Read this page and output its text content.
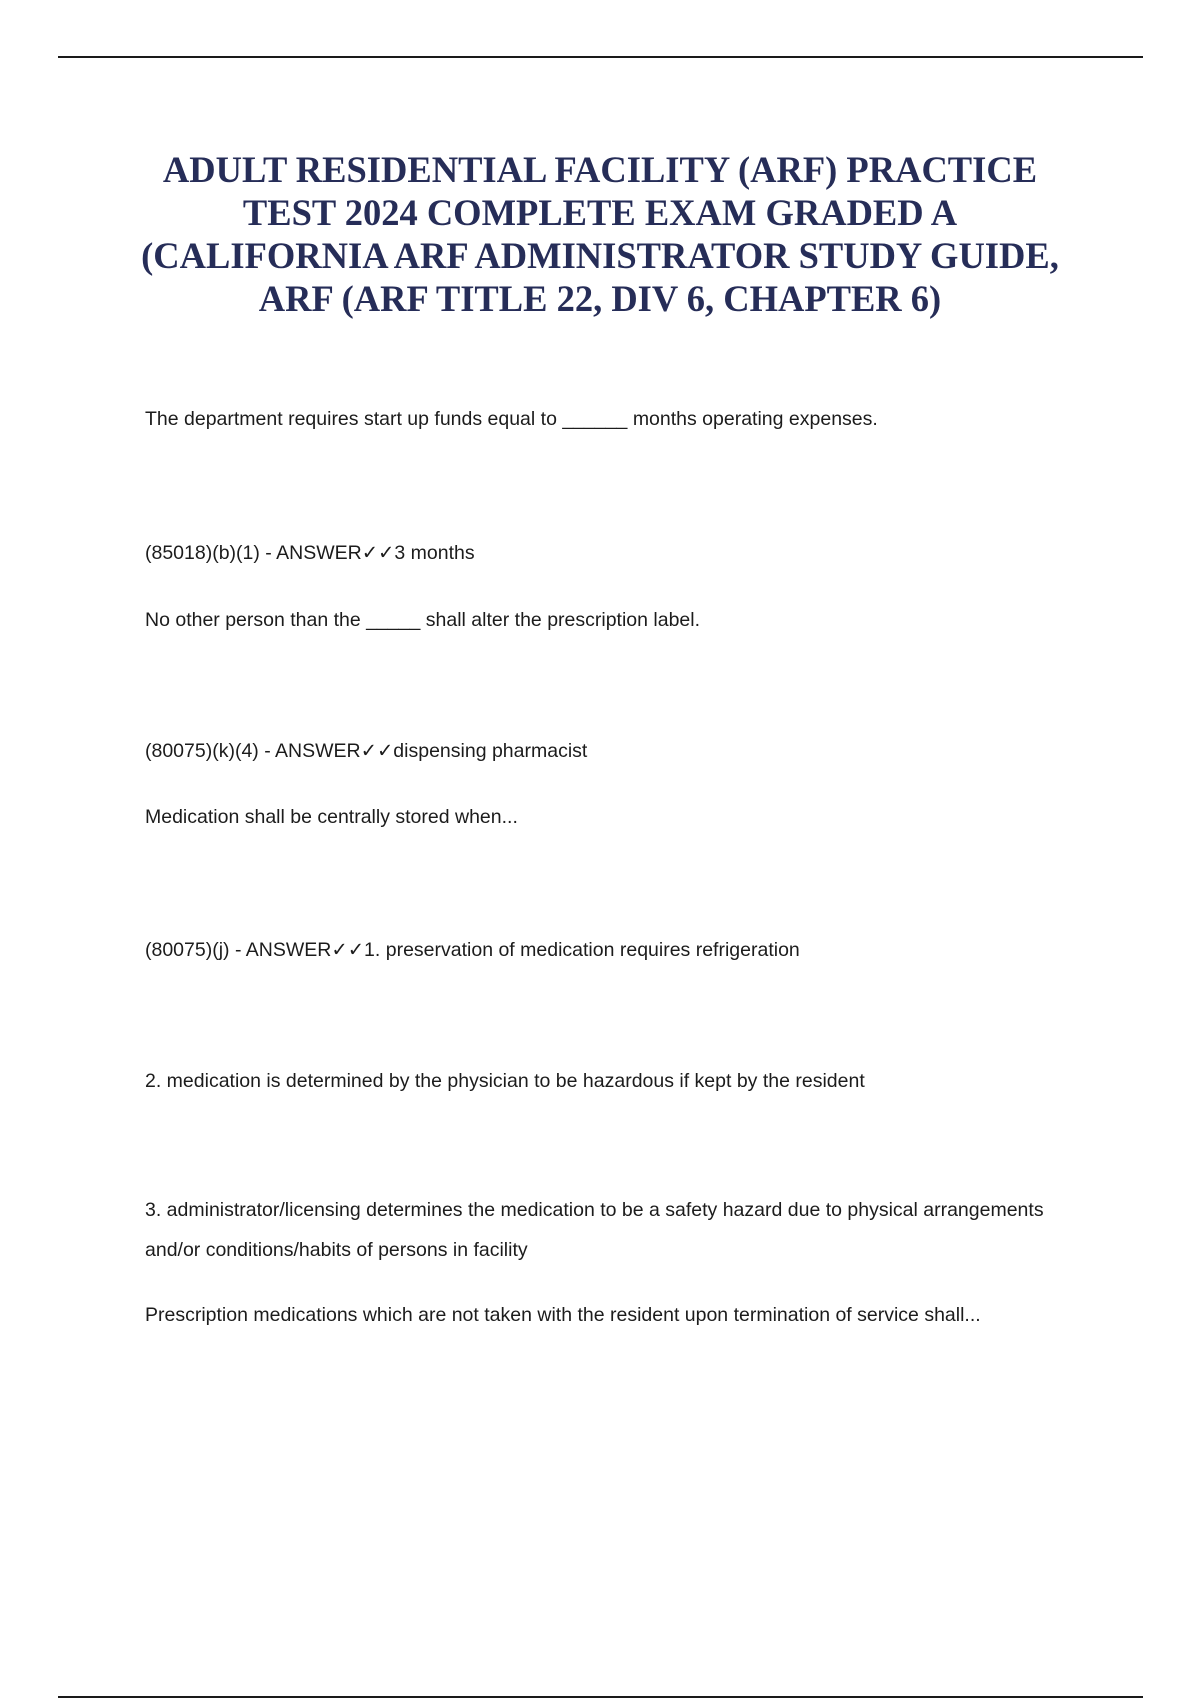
ADULT RESIDENTIAL FACILITY (ARF) PRACTICE
TEST 2024 COMPLETE EXAM GRADED A
(CALIFORNIA ARF ADMINISTRATOR STUDY GUIDE,
ARF (ARF TITLE 22, DIV 6, CHAPTER 6)

The department requires start up funds equal to ______ months operating expenses.

(85018)(b)(1) - ANSWER✓✓3 months

No other person than the _____ shall alter the prescription label.

(80075)(k)(4) - ANSWER✓✓dispensing pharmacist

Medication shall be centrally stored when...

(80075)(j) - ANSWER✓✓1. preservation of medication requires refrigeration

2. medication is determined by the physician to be hazardous if kept by the resident

3. administrator/licensing determines the medication to be a safety hazard due to physical arrangements

and/or conditions/habits of persons in facility

Prescription medications which are not taken with the resident upon termination of service shall...
